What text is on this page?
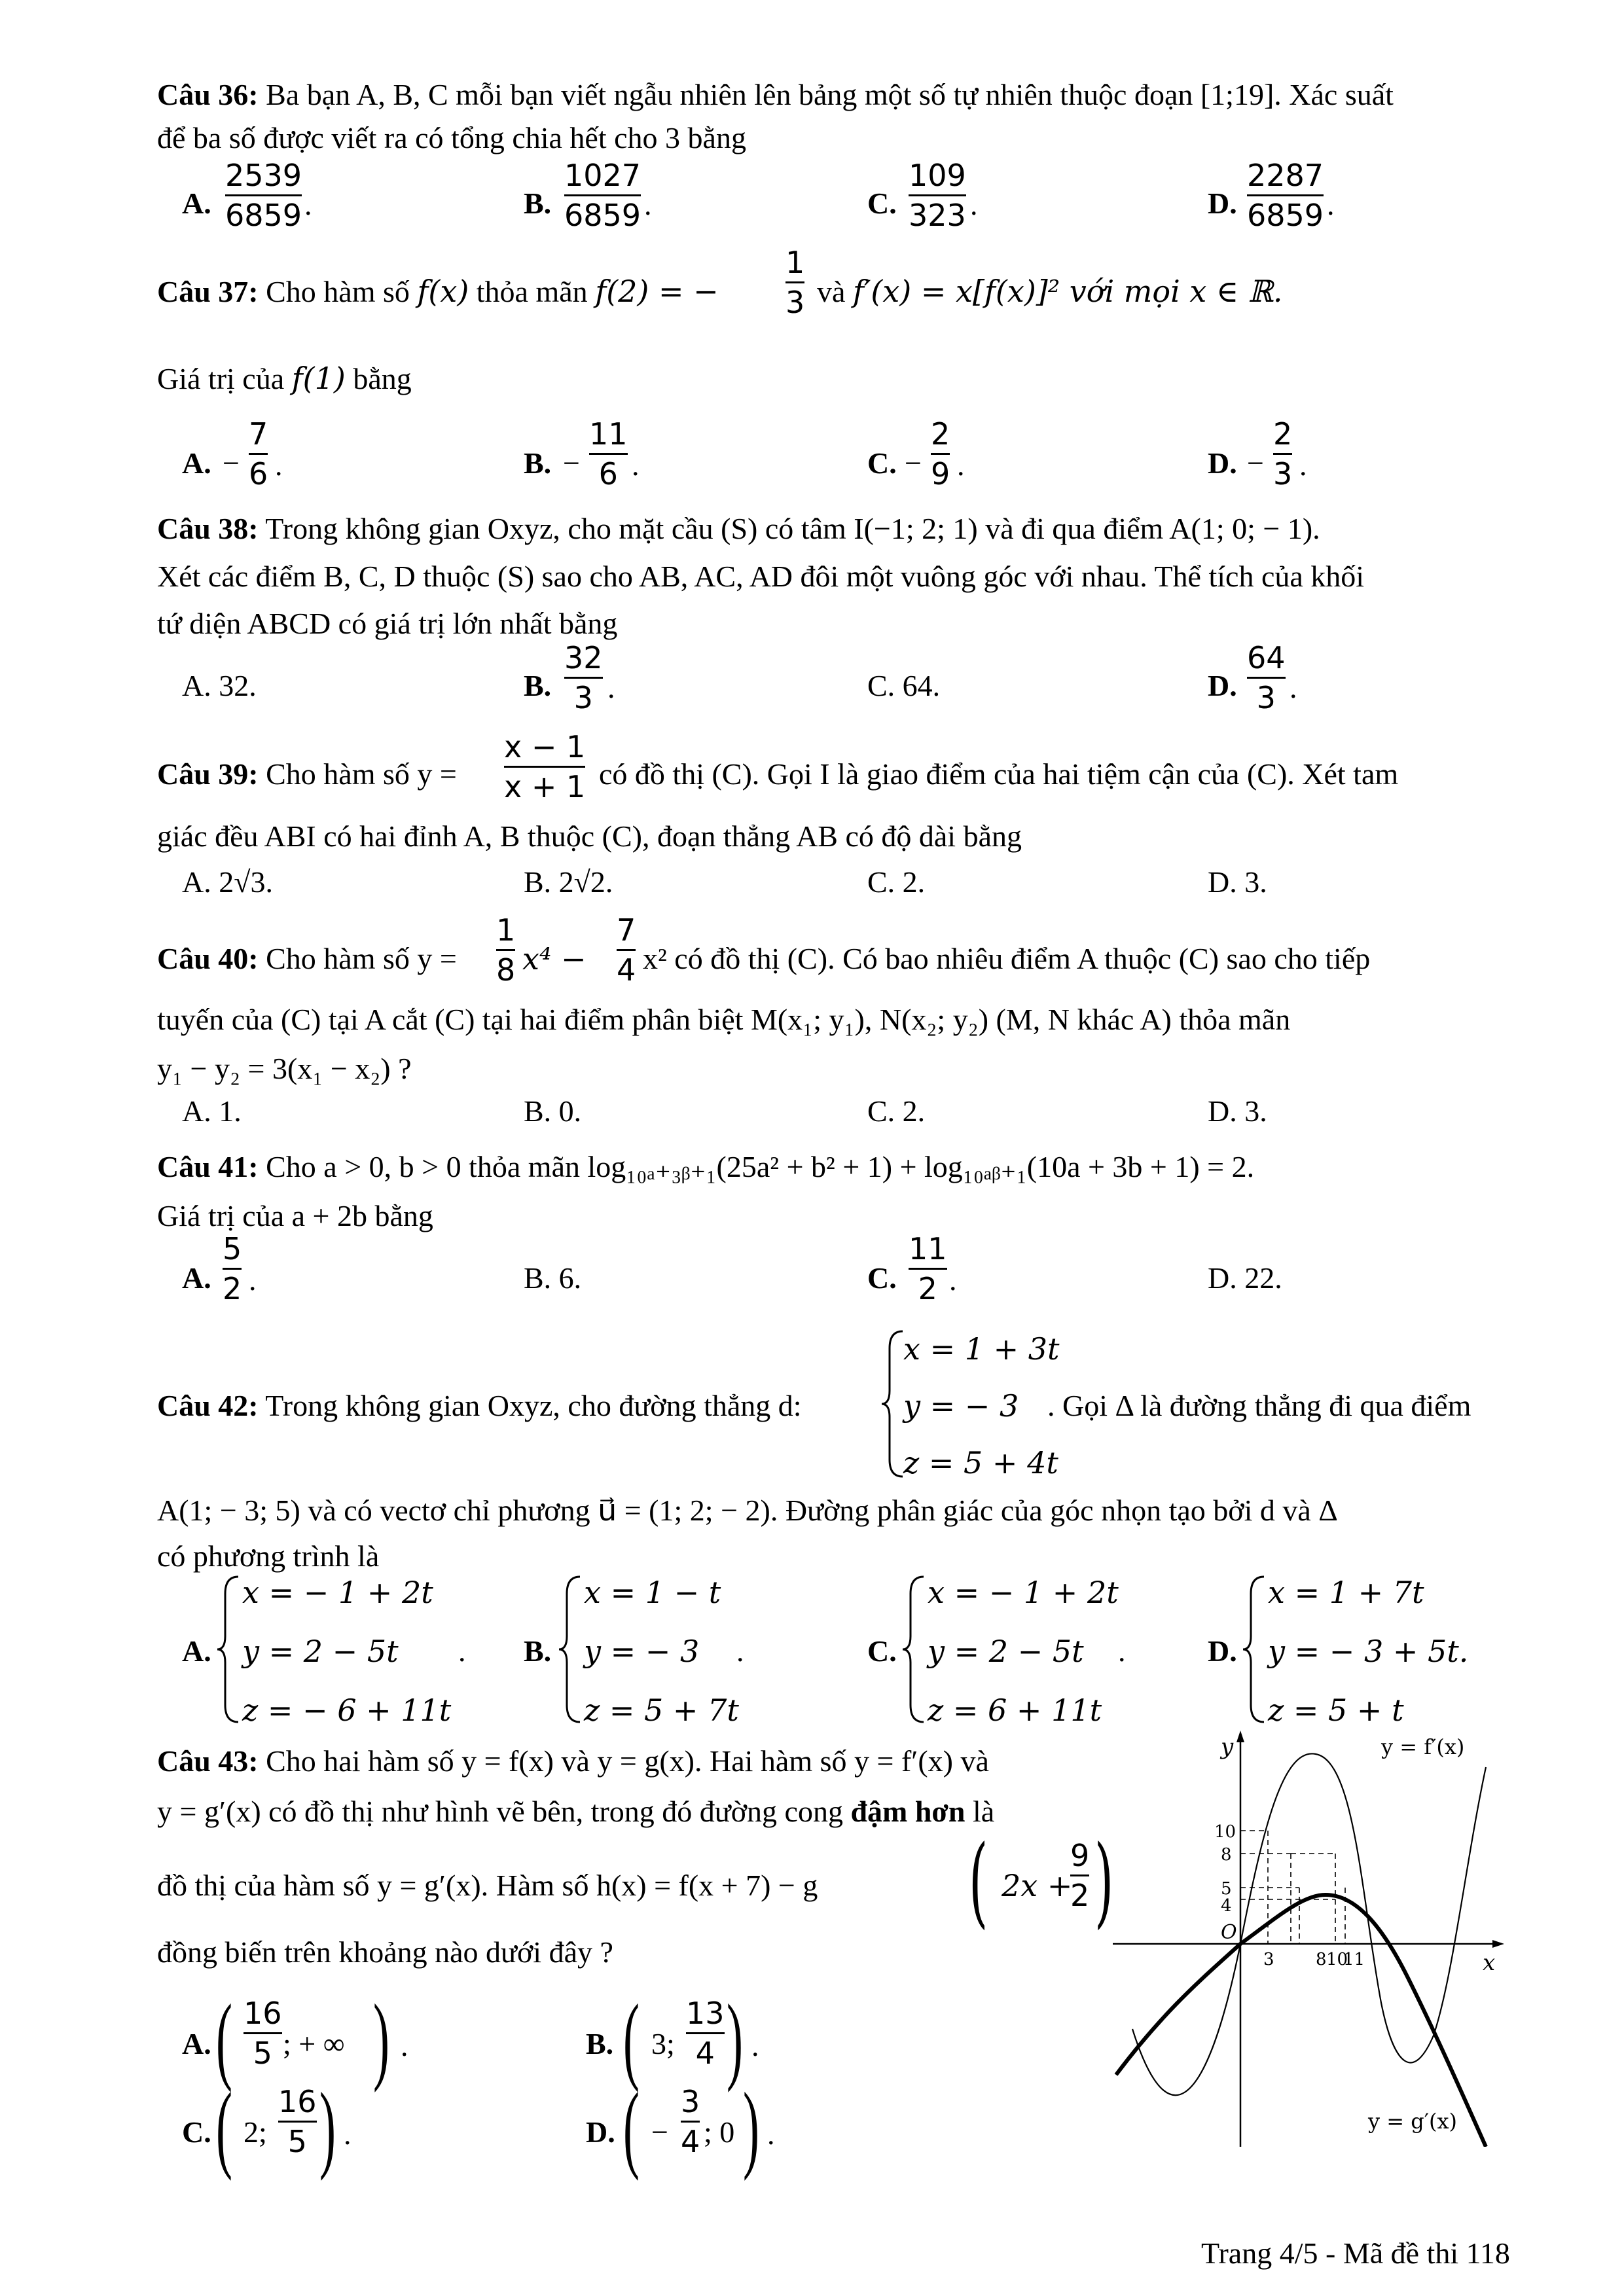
Câu 36: Ba bạn A, B, C mỗi bạn viết ngẫu nhiên lên bảng một số tự nhiên thuộc đoạn [1;19]. Xác suất
để ba số được viết ra có tổng chia hết cho 3 bằng
A.
2539
6859 .	B.
1027
6859 .	C.
109
323 .	D.
2287
6859 .
Câu 37: Cho hàm số f(x) thỏa mãn f(2) = −
1
3 và f′(x) = x[f(x)]² với mọi x ∈ ℝ.
Giá trị của f(1) bằng
A. −
7
6 .	B. −
11
6 .	C. −
2
9 .	D. −
2
3 .
Câu 38: Trong không gian Oxyz, cho mặt cầu (S) có tâm I(−1; 2; 1) và đi qua điểm A(1; 0; − 1).
Xét các điểm B, C, D thuộc (S) sao cho AB, AC, AD đôi một vuông góc với nhau. Thể tích của khối
tứ diện ABCD có giá trị lớn nhất bằng
A. 32.	B.
32
3 .	C. 64.	D.
64
3 .
Câu 39: Cho hàm số y =
x − 1
x + 1 có đồ thị (C). Gọi I là giao điểm của hai tiệm cận của (C). Xét tam
giác đều ABI có hai đỉnh A, B thuộc (C), đoạn thẳng AB có độ dài bằng
A. 2√3.	B. 2√2.	C. 2.	D. 3.
Câu 40: Cho hàm số y =
1
8 x⁴ −
7
4 x² có đồ thị (C). Có bao nhiêu điểm A thuộc (C) sao cho tiếp
tuyến của (C) tại A cắt (C) tại hai điểm phân biệt M(x₁; y₁), N(x₂; y₂) (M, N khác A) thỏa mãn
y₁ − y₂ = 3(x₁ − x₂) ?
A. 1.	B. 0.	C. 2.	D. 3.
Câu 41: Cho a > 0, b > 0 thỏa mãn log₁₀ₐ₊₃ᵦ₊₁(25a² + b² + 1) + log₁₀ₐᵦ₊₁(10a + 3b + 1) = 2.
Giá trị của a + 2b bằng
A.
5
2 .	B. 6.	C.
11
2 .	D. 22.
Câu 42: Trong không gian Oxyz, cho đường thẳng d:
x = 1 + 3t
y = − 3
z = 5 + 4t
. Gọi Δ là đường thẳng đi qua điểm
A(1; − 3; 5) và có vectơ chỉ phương u⃗ = (1; 2; − 2). Đường phân giác của góc nhọn tạo bởi d và Δ
có phương trình là
A.
x = − 1 + 2t
y = 2 − 5t
z = − 6 + 11t
. B.
x = 1 − t
y = − 3
z = 5 + 7t
.	C.
x = − 1 + 2t
y = 2 − 5t
z = 6 + 11t
.	D.
x = 1 + 7t
y = − 3 + 5t.
z = 5 + t
Câu 43: Cho hai hàm số y = f(x) và y = g(x). Hai hàm số y = f′(x) và
y = g′(x) có đồ thị như hình vẽ bên, trong đó đường cong đậm hơn là
đồ thị của hàm số y = g′(x). Hàm số h(x) = f(x + 7) − g ( 2x +
9
2 )
đồng biến trên khoảng nào dưới đây ?
A. ( 16
5 ; + ∞ ) .	B. ( 3;
13
4 ) .
C. ( 2;
16
5 ) .	D. ( −
3
4 ; 0 ) .
y
x
O
y = f′(x)
y = g′(x)
10
8
5
4
3 8 10
11
Trang 4/5 - Mã đề thi 118
